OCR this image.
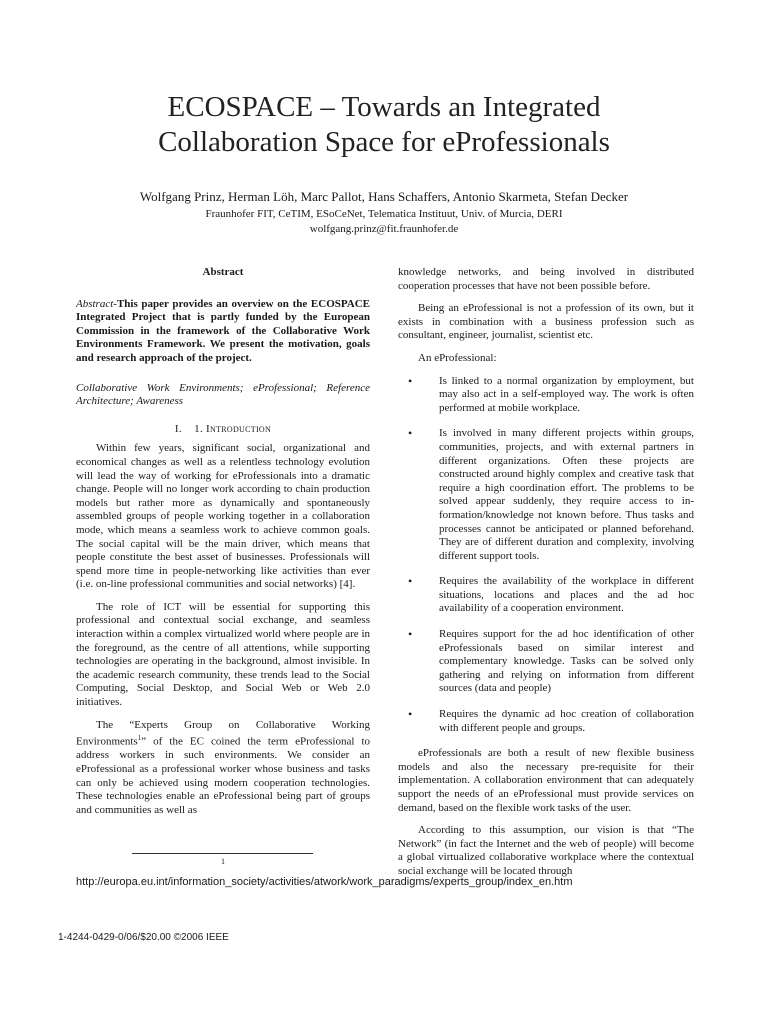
ECOSPACE – Towards an Integrated
Collaboration Space for eProfessionals
Wolfgang Prinz, Herman Löh, Marc Pallot, Hans Schaffers, Antonio Skarmeta, Stefan Decker
Fraunhofer FIT, CeTIM, ESoCeNet, Telematica Instituut, Univ. of Murcia, DERI
wolfgang.prinz@fit.fraunhofer.de
Abstract

Abstract-This paper provides an overview on the ECOSPACE Integrated Project that is partly funded by the European Commission in the framework of the Collaborative Work Environments Framework. We present the motivation, goals and research approach of the project.

Collaborative Work Environments; eProfessional; Reference Architecture; Awareness

I. 1. Introduction

Within few years, significant social, organizational and economical changes as well as a relentless technology evolution will lead the way of working for eProfessionals into a dramatic change. People will no longer work according to chain production models but rather more as dynamically and spontaneously assembled groups of people working together in a collaboration mode, which means a seamless work to achieve common goals. The social capital will be the main driver, which means that people constitute the best asset of businesses. Professionals will spend more time in people-networking like activities than ever (i.e. on-line professional communities and social networks) [4].

The role of ICT will be essential for supporting this professional and contextual social exchange, and seamless interaction within a complex virtualized world where people are in the foreground, as the centre of all attentions, while supporting technologies are operating in the background, almost invisible. In the academic research community, these trends lead to the Social Computing, Social Desktop, and Social Web or Web 2.0 initiatives.

The “Experts Group on Collaborative Working Environments$^1$” of the EC coined the term eProfessional to address workers in such environments. We consider an eProfessional as a professional worker whose business and tasks can only be achieved using modern cooperation technologies. These technologies enable an eProfessional being part of groups and communities as well as

knowledge networks, and being involved in distributed cooperation processes that have not been possible before.

Being an eProfessional is not a profession of its own, but it exists in combination with a business profession such as consultant, engineer, journalist, scientist etc.

An eProfessional:

• Is linked to a normal organization by employment, but may also act in a self-employed way. The work is often performed at mobile workplace.
• Is involved in many different projects within groups, communities, projects, and with external partners in different organizations. Often these projects are constructed around highly complex and creative task that require a high coordination effort. The problems to be solved appear suddenly, they require access to in-formation/knowledge not known before. Thus tasks and processes cannot be anticipated or planned beforehand. They are of different duration and complexity, involving different support tools.
• Requires the availability of the workplace in different situations, locations and places and the ad hoc availability of a cooperation environment.
• Requires support for the ad hoc identification of other eProfessionals based on similar interest and complementary knowledge. Tasks can be solved only gathering and relying on information from different sources (data and people)
• Requires the dynamic ad hoc creation of collaboration with different people and groups.

eProfessionals are both a result of new flexible business models and also the necessary pre-requisite for their implementation. A collaboration environment that can adequately support the needs of an eProfessional must provide services on demand, based on the flexible work tasks of the user.

According to this assumption, our vision is that “The Network” (in fact the Internet and the web of people) will become a global virtualized collaborative workplace where the contextual social exchange will be located through

1
http://europa.eu.int/information_society/activities/atwork/work_paradigms/experts_group/index_en.htm
1-4244-0429-0/06/$20.00 ©2006 IEEE
